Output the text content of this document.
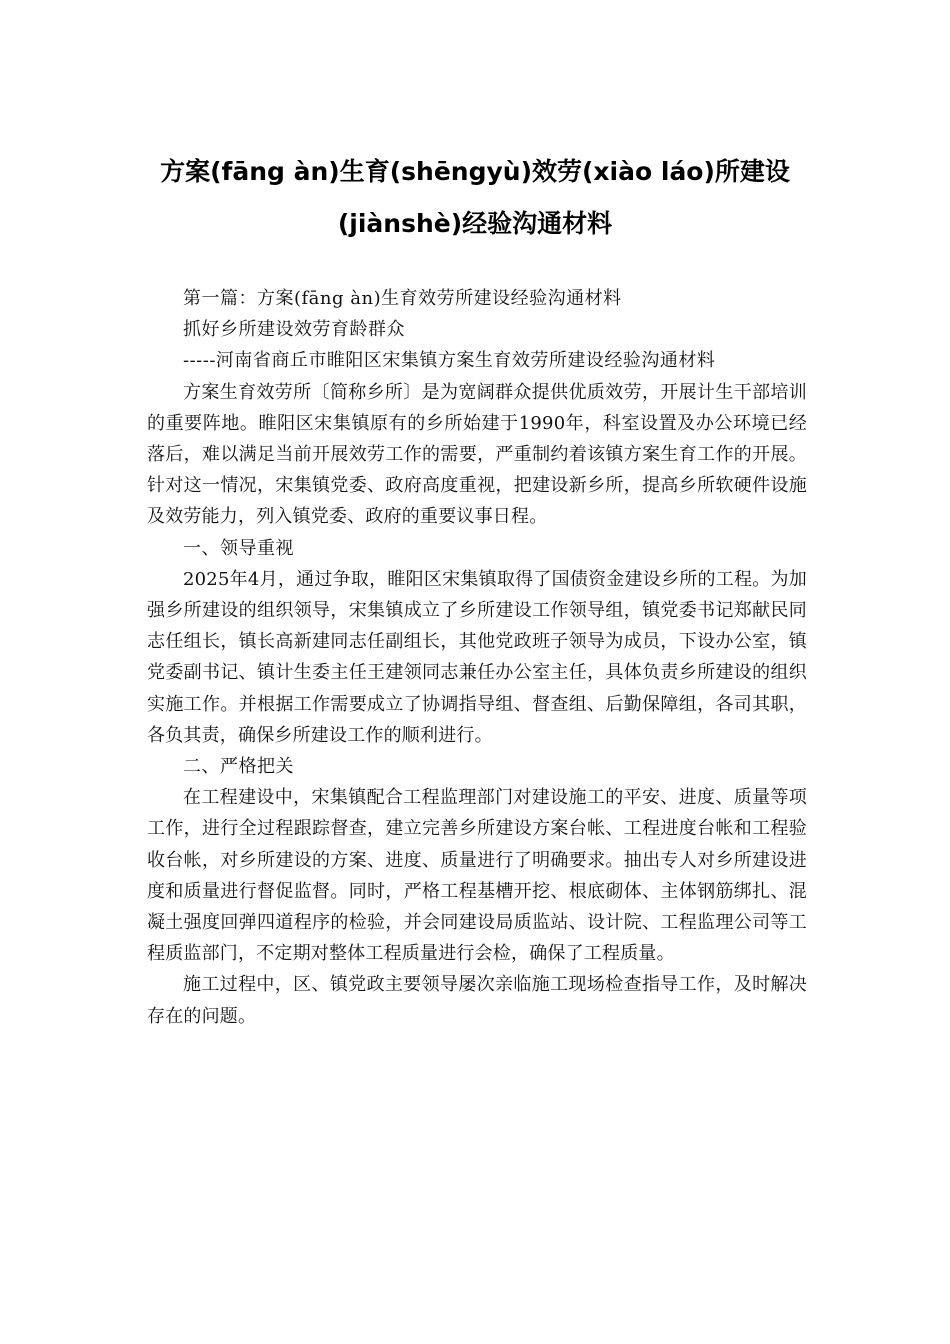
方案(fāng àn)生育(shēngyù)效劳(xiào láo)所建设
(jiànshè)经验沟通材料

第一篇：方案(fāng àn)生育效劳所建设经验沟通材料

抓好乡所建设效劳育龄群众

-----河南省商丘市睢阳区宋集镇方案生育效劳所建设经验沟通材料

方案生育效劳所〔简称乡所〕是为宽阔群众提供优质效劳，开展计生干部培训的重要阵地。睢阳区宋集镇原有的乡所始建于1990年，科室设置及办公环境已经落后，难以满足当前开展效劳工作的需要，严重制约着该镇方案生育工作的开展。针对这一情况，宋集镇党委、政府高度重视，把建设新乡所，提高乡所软硬件设施及效劳能力，列入镇党委、政府的重要议事日程。

一、领导重视

2025年4月，通过争取，睢阳区宋集镇取得了国债资金建设乡所的工程。为加强乡所建设的组织领导，宋集镇成立了乡所建设工作领导组，镇党委书记郑献民同志任组长，镇长高新建同志任副组长，其他党政班子领导为成员，下设办公室，镇党委副书记、镇计生委主任王建领同志兼任办公室主任，具体负责乡所建设的组织实施工作。并根据工作需要成立了协调指导组、督查组、后勤保障组，各司其职，各负其责，确保乡所建设工作的顺利进行。

二、严格把关

在工程建设中，宋集镇配合工程监理部门对建设施工的平安、进度、质量等项工作，进行全过程跟踪督查，建立完善乡所建设方案台帐、工程进度台帐和工程验收台帐，对乡所建设的方案、进度、质量进行了明确要求。抽出专人对乡所建设进度和质量进行督促监督。同时，严格工程基槽开挖、根底砌体、主体钢筋绑扎、混凝土强度回弹四道程序的检验，并会同建设局质监站、设计院、工程监理公司等工程质监部门，不定期对整体工程质量进行会检，确保了工程质量。

施工过程中，区、镇党政主要领导屡次亲临施工现场检查指导工作，及时解决存在的问题。
